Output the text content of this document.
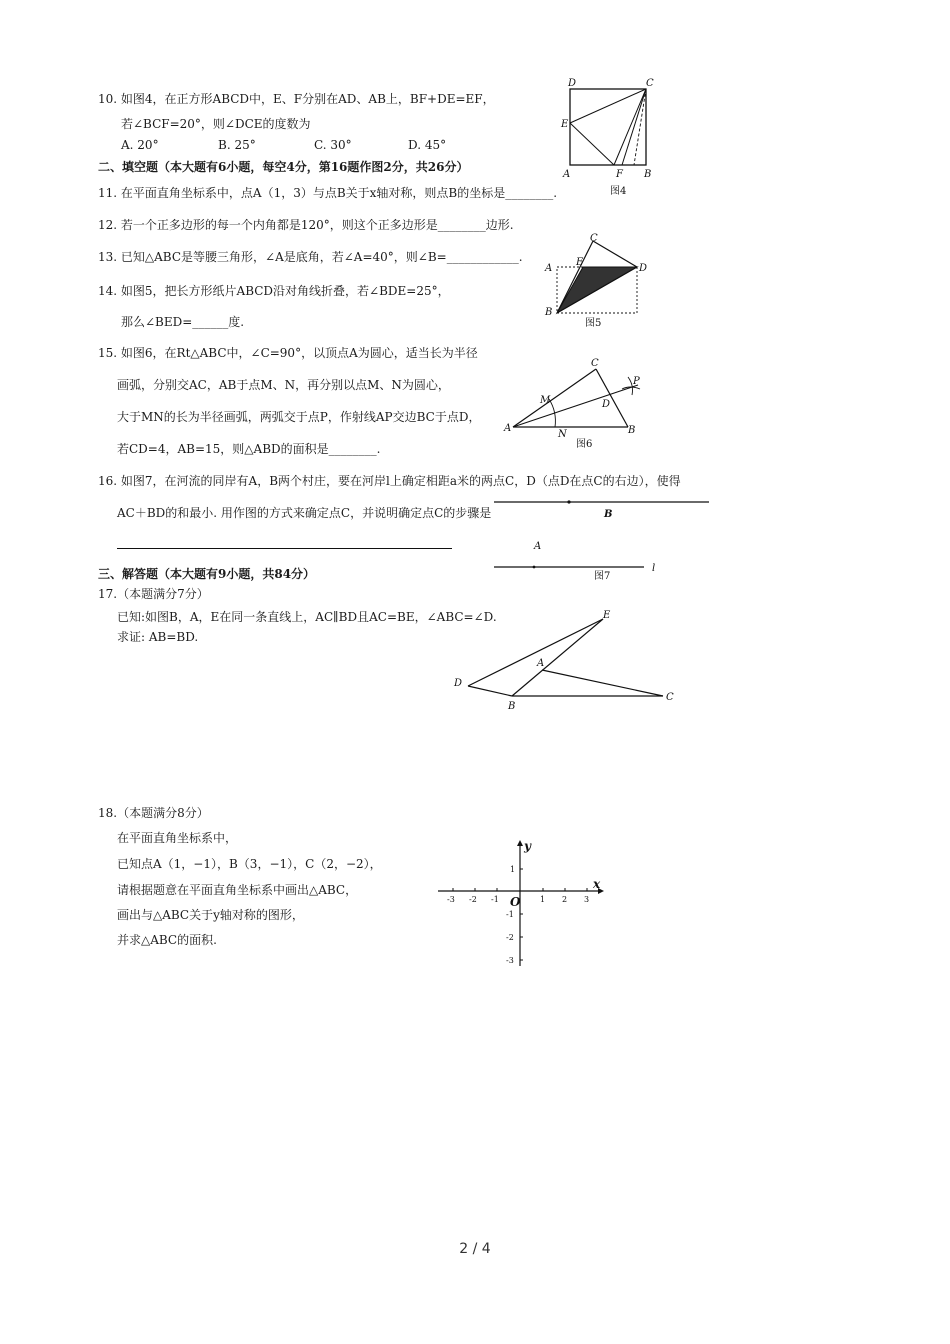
10. 如图4，在正方形ABCD中，E、F分别在AD、AB上，BF+DE=EF，
若∠BCF=20°，则∠DCE的度数为
A. 20°	B. 25°	C. 30°	D. 45°
D	C
E
A	F B
图4
二、填空题（本大题有6小题，每空4分，第16题作图2分，共26分）
11. 在平面直角坐标系中，点A（1，3）与点B关于x轴对称，则点B的坐标是________.
12. 若一个正多边形的每一个内角都是120°，则这个正多边形是________边形.
13. 已知△ABC是等腰三角形，∠A是底角，若∠A=40°，则∠B=____________.
14. 如图5，把长方形纸片ABCD沿对角线折叠，若∠BDE=25°，
那么∠BED=______度.
C
A
E
D
B
图5
15. 如图6，在Rt△ABC中，∠C=90°，以顶点A为圆心，适当长为半径
画弧，分别交AC，AB于点M、N，再分别以点M、N为圆心，
大于MN的长为半径画弧，两弧交于点P，作射线AP交边BC于点D，
若CD=4，AB=15，则△ABD的面积是________.
C
P
M	D
A
N	B
图6
16. 如图7，在河流的同岸有A，B两个村庄，要在河岸l上确定相距a米的两点C，D（点D在点C的右边），使得
AC＋BD的和最小. 用作图的方式来确定点C，并说明确定点C的步骤是	B
A
l
图7
三、解答题（本大题有9小题，共84分）
17.（本题满分7分）
已知:如图B，A，E在同一条直线上，AC∥BD且AC=BE，∠ABC=∠D.
求证: AB=BD.
E
A
D
B
C
18.（本题满分8分）
在平面直角坐标系中，
已知点A（1，−1），B（3，−1），C（2，−2），
请根据题意在平面直角坐标系中画出△ABC，
画出与△ABC关于y轴对称的图形，
并求△ABC的面积.
-3 -2 -1	1 2 3
1
-1
-2
-3
x
y
O
2 / 4
